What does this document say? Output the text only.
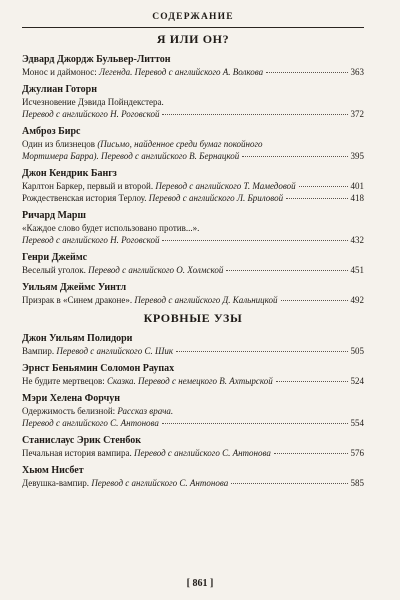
СОДЕРЖАНИЕ
Я ИЛИ ОН?
Эдвард Джордж Бульвер-Литтон
Монос и даймонос: Легенда. Перевод с английского А. Волкова	363
Джулиан Готорн
Исчезновение Дэвида Пойндекстера.
Перевод с английского Н. Роговской	372
Амброз Бирс
Один из близнецов (Письмо, найденное среди бумаг покойного
Мортимера Барра). Перевод с английского В. Бернацкой	395
Джон Кендрик Бангз
Карлтон Баркер, первый и второй. Перевод с английского Т. Мамедовой	401
Рождественская история Терлоу. Перевод с английского Л. Бриловой	418
Ричард Марш
«Каждое слово будет использовано против...».
Перевод с английского Н. Роговской	432
Генри Джеймс
Веселый уголок. Перевод с английского О. Холмской	451
Уильям Джеймс Уинтл
Призрак в «Синем драконе». Перевод с английского Д. Кальницкой	492
КРОВНЫЕ УЗЫ
Джон Уильям Полидори
Вампир. Перевод с английского С. Шик	505
Эрнст Беньямин Соломон Раупах
Не будите мертвецов: Сказка. Перевод с немецкого В. Ахтырской	524
Мэри Хелена Форчун
Одержимость белизной: Рассказ врача.
Перевод с английского С. Антонова	554
Станислаус Эрик Стенбок
Печальная история вампира. Перевод с английского С. Антонова	576
Хьюм Нисбет
Девушка-вампир. Перевод с английского С. Антонова	585
[ 861 ]
